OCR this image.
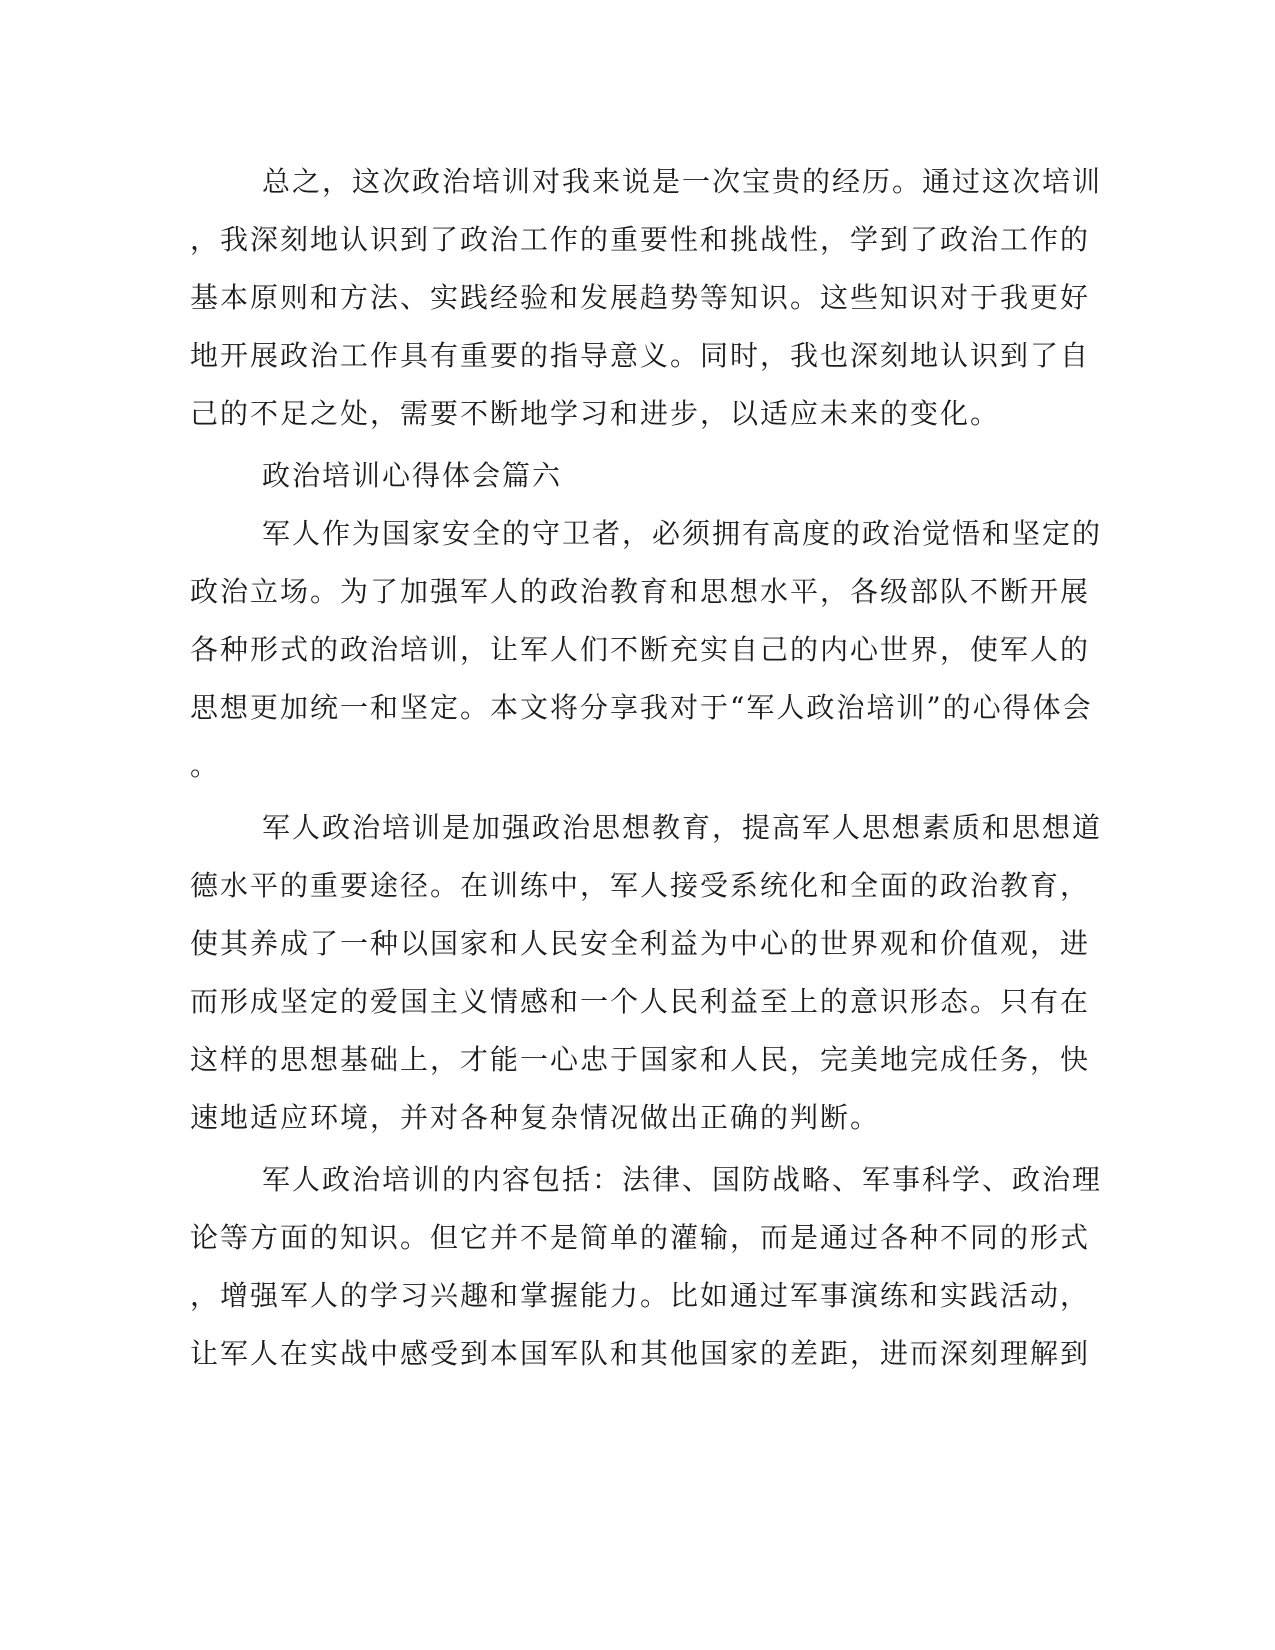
总之，这次政治培训对我来说是一次宝贵的经历。通过这次培训
，我深刻地认识到了政治工作的重要性和挑战性，学到了政治工作的
基本原则和方法、实践经验和发展趋势等知识。这些知识对于我更好
地开展政治工作具有重要的指导意义。同时，我也深刻地认识到了自
己的不足之处，需要不断地学习和进步，以适应未来的变化。
政治培训心得体会篇六
军人作为国家安全的守卫者，必须拥有高度的政治觉悟和坚定的
政治立场。为了加强军人的政治教育和思想水平，各级部队不断开展
各种形式的政治培训，让军人们不断充实自己的内心世界，使军人的
思想更加统一和坚定。本文将分享我对于“军人政治培训”的心得体会
。
军人政治培训是加强政治思想教育，提高军人思想素质和思想道
德水平的重要途径。在训练中，军人接受系统化和全面的政治教育，
使其养成了一种以国家和人民安全利益为中心的世界观和价值观，进
而形成坚定的爱国主义情感和一个人民利益至上的意识形态。只有在
这样的思想基础上，才能一心忠于国家和人民，完美地完成任务，快
速地适应环境，并对各种复杂情况做出正确的判断。
军人政治培训的内容包括：法律、国防战略、军事科学、政治理
论等方面的知识。但它并不是简单的灌输，而是通过各种不同的形式
，增强军人的学习兴趣和掌握能力。比如通过军事演练和实践活动，
让军人在实战中感受到本国军队和其他国家的差距，进而深刻理解到
